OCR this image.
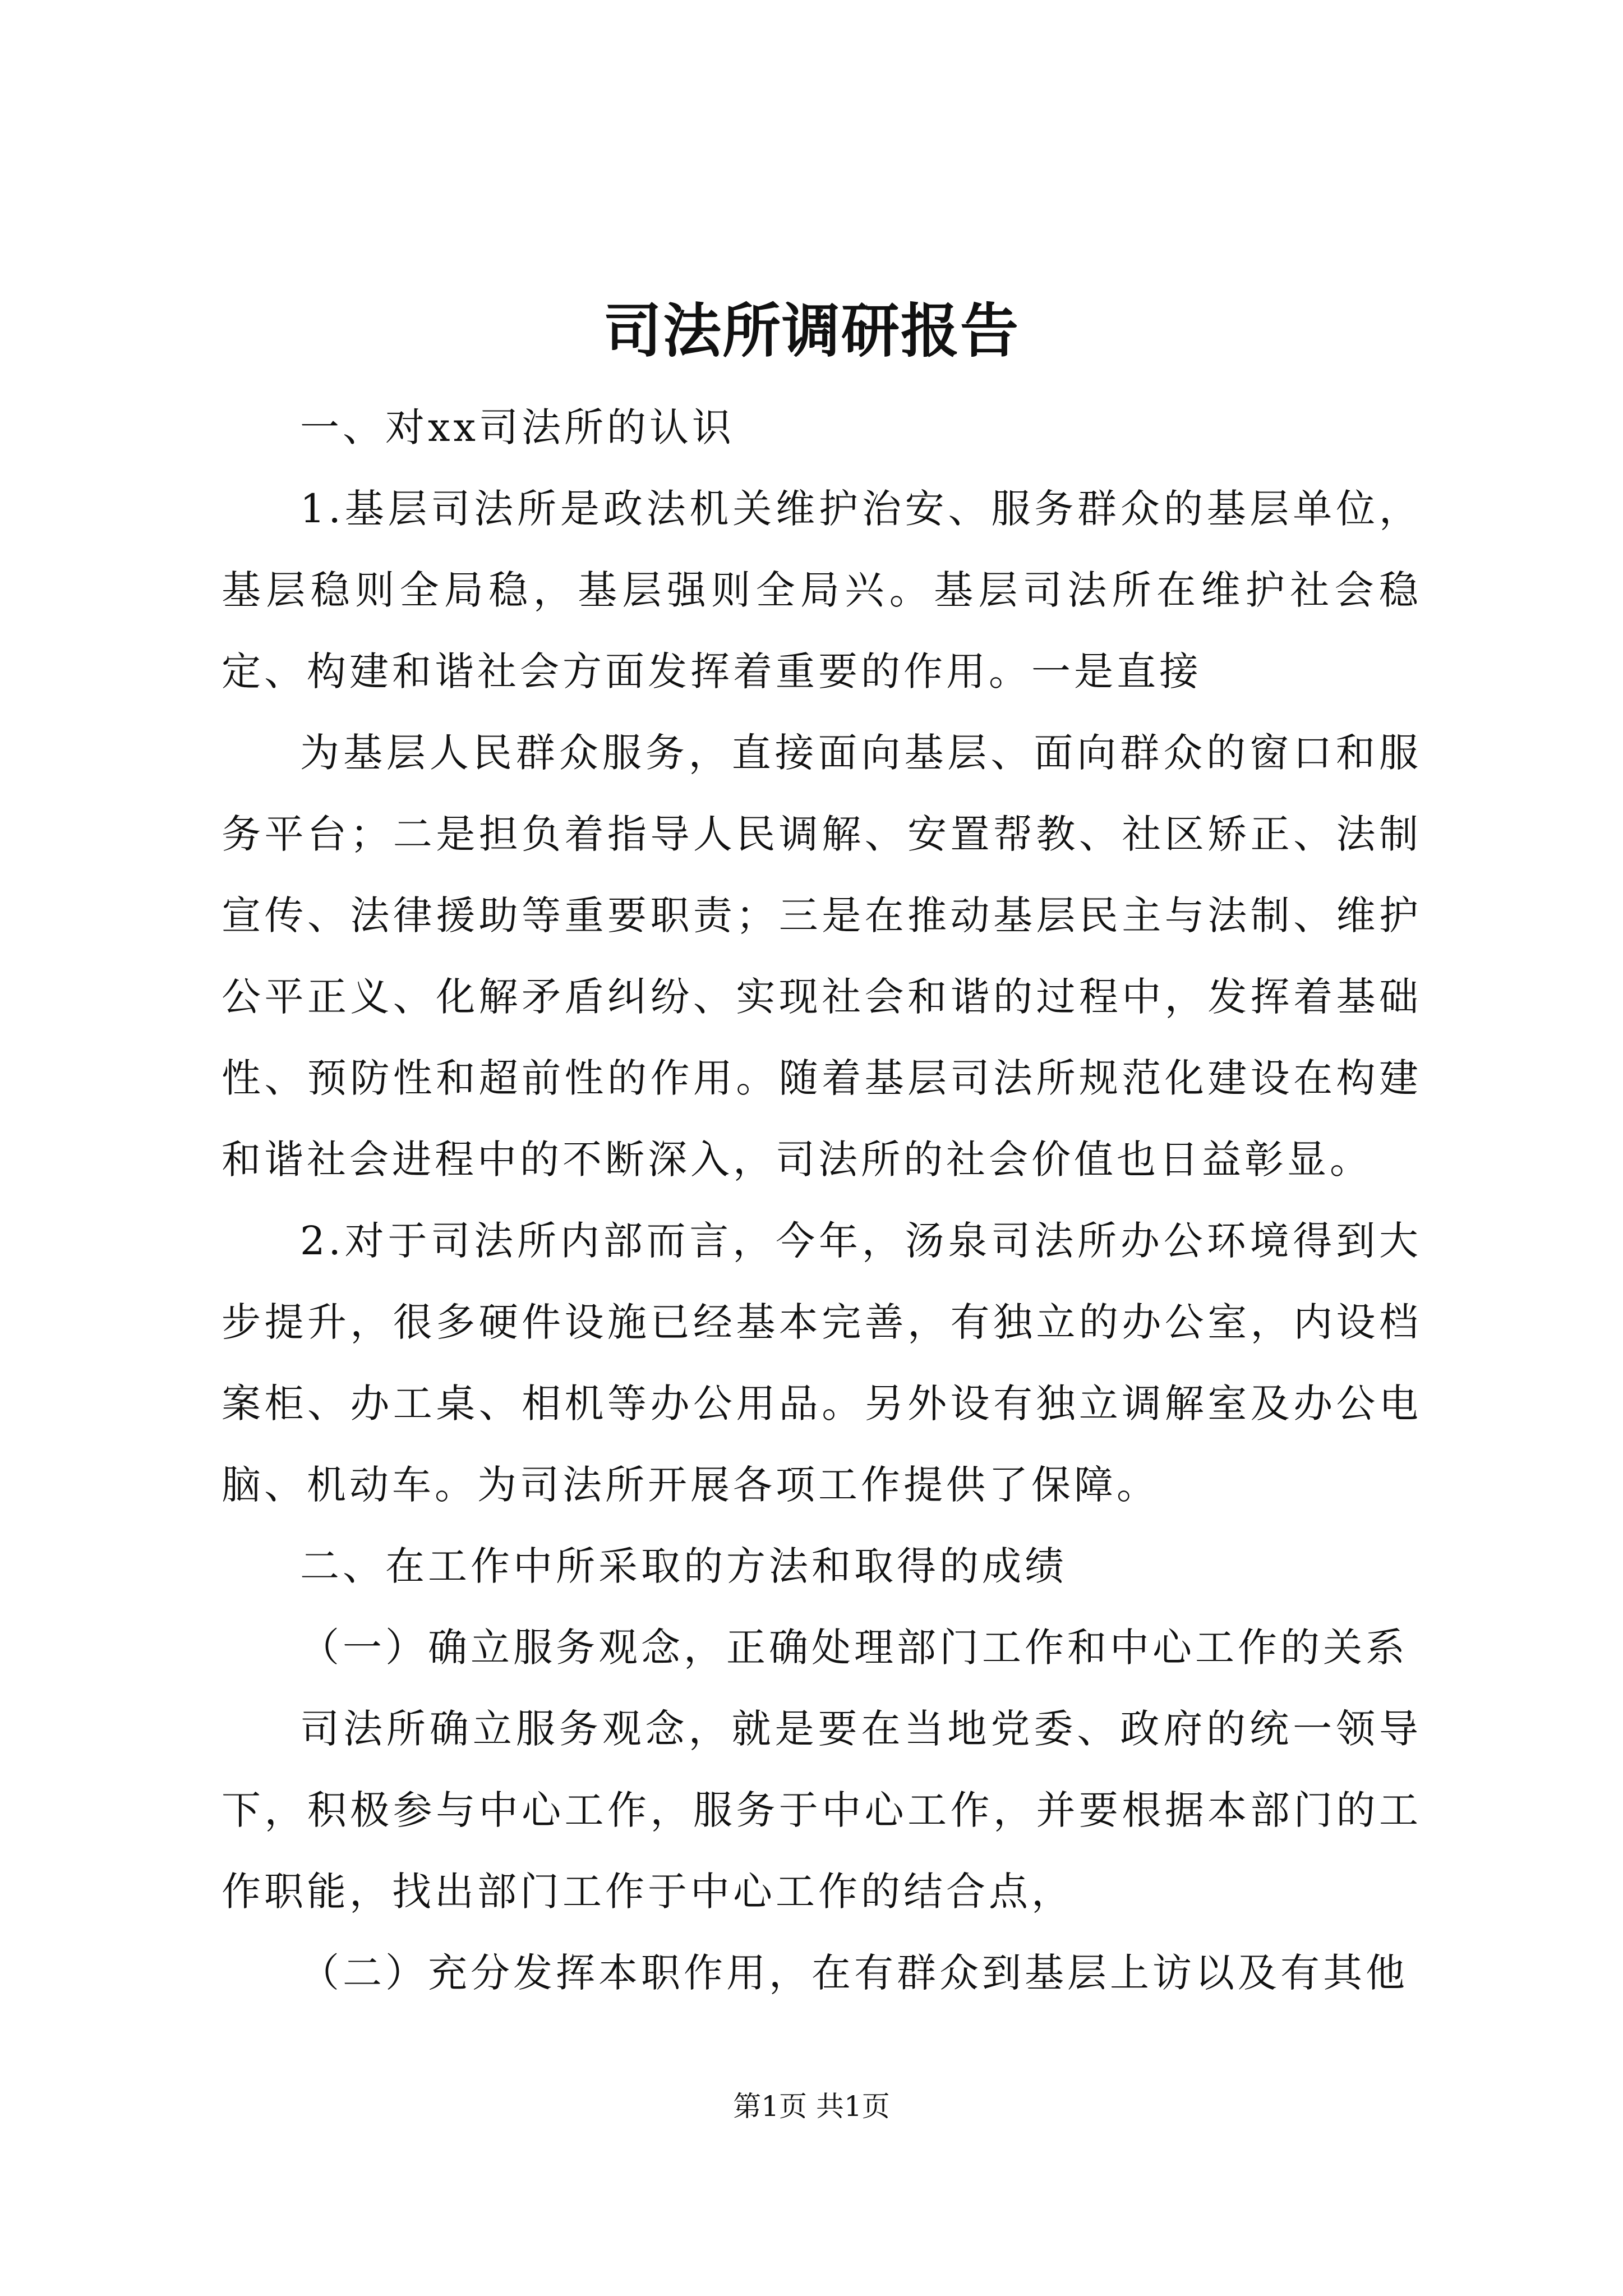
司法所调研报告

一、对xx司法所的认识

1.基层司法所是政法机关维护治安、服务群众的基层单位，基层稳则全局稳，基层强则全局兴。基层司法所在维护社会稳定、构建和谐社会方面发挥着重要的作用。一是直接

为基层人民群众服务，直接面向基层、面向群众的窗口和服务平台；二是担负着指导人民调解、安置帮教、社区矫正、法制宣传、法律援助等重要职责；三是在推动基层民主与法制、维护公平正义、化解矛盾纠纷、实现社会和谐的过程中，发挥着基础性、预防性和超前性的作用。随着基层司法所规范化建设在构建和谐社会进程中的不断深入，司法所的社会价值也日益彰显。

2.对于司法所内部而言，今年，汤泉司法所办公环境得到大步提升，很多硬件设施已经基本完善，有独立的办公室，内设档案柜、办工桌、相机等办公用品。另外设有独立调解室及办公电脑、机动车。为司法所开展各项工作提供了保障。

二、在工作中所采取的方法和取得的成绩

（一）确立服务观念，正确处理部门工作和中心工作的关系

司法所确立服务观念，就是要在当地党委、政府的统一领导下，积极参与中心工作，服务于中心工作，并要根据本部门的工作职能，找出部门工作于中心工作的结合点，

（二）充分发挥本职作用，在有群众到基层上访以及有其他

第1页 共1页
